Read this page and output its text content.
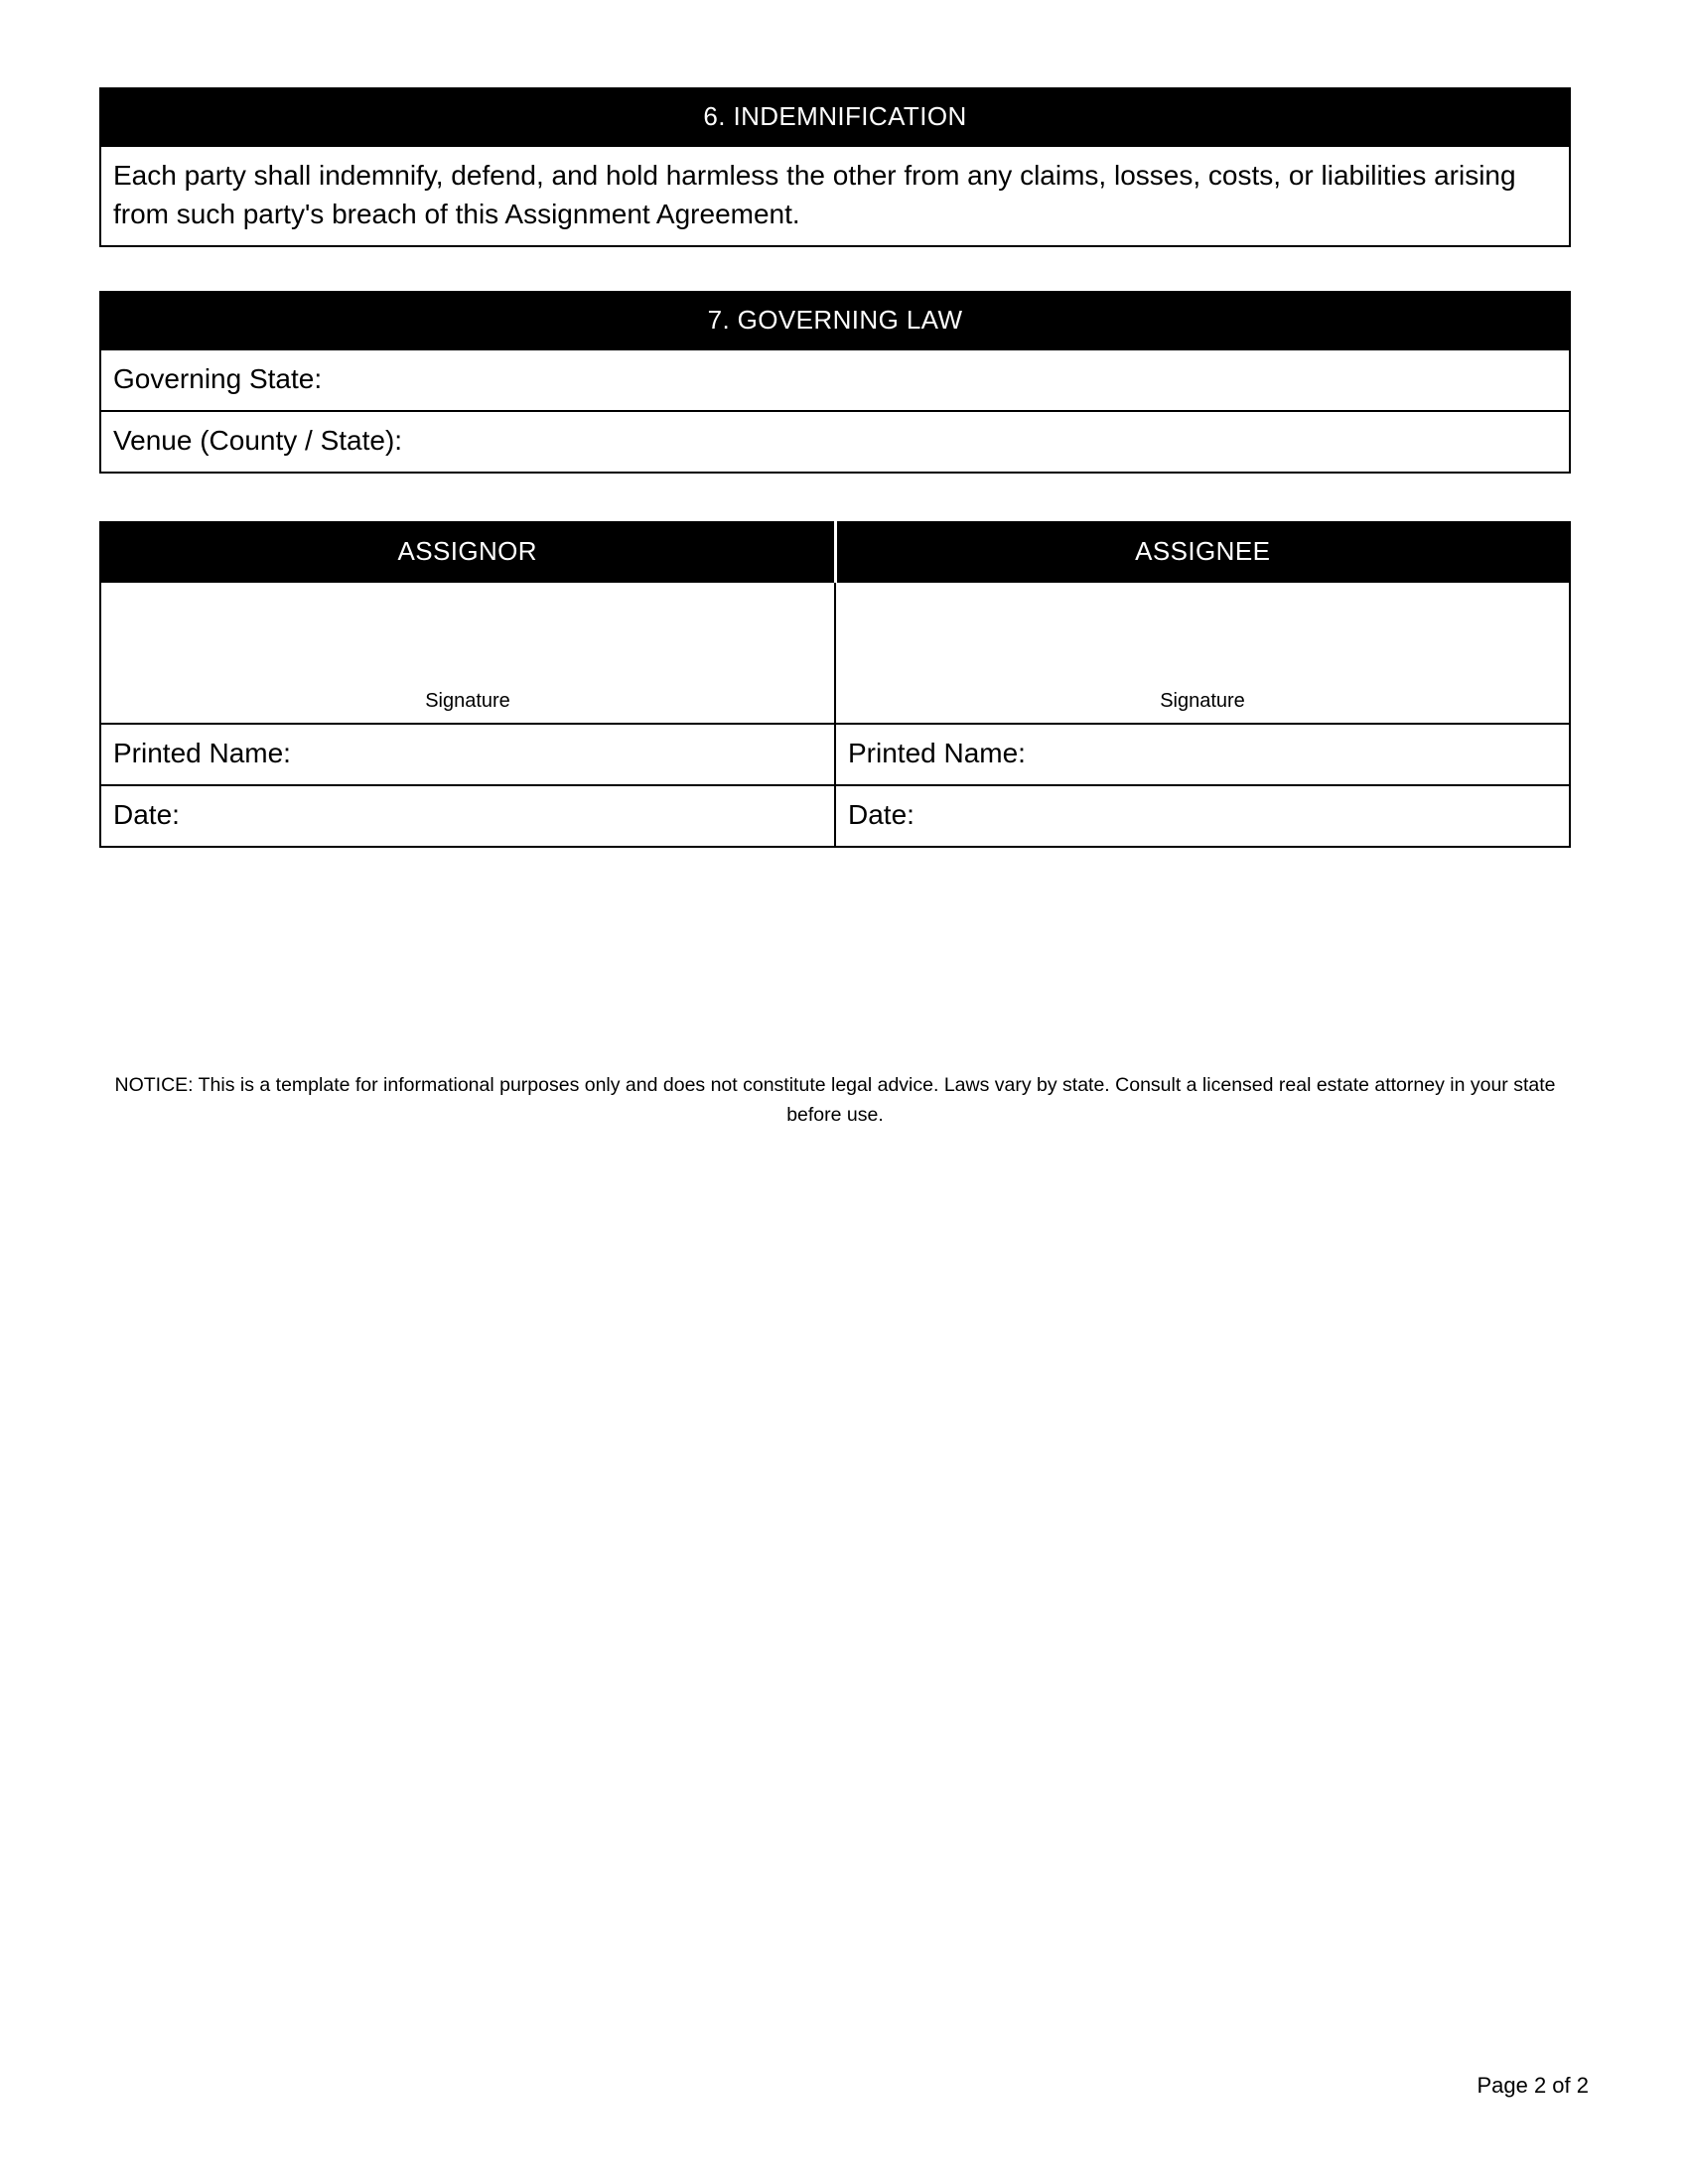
6. INDEMNIFICATION
Each party shall indemnify, defend, and hold harmless the other from any claims, losses, costs, or liabilities arising from such party's breach of this Assignment Agreement.
7. GOVERNING LAW
Governing State:
Venue (County / State):
ASSIGNOR	ASSIGNEE

Signature	Signature

Printed Name:	Printed Name:
Date:	Date:
NOTICE: This is a template for informational purposes only and does not constitute legal advice. Laws vary by state. Consult a licensed real estate attorney in your state before use.
Page 2 of 2
